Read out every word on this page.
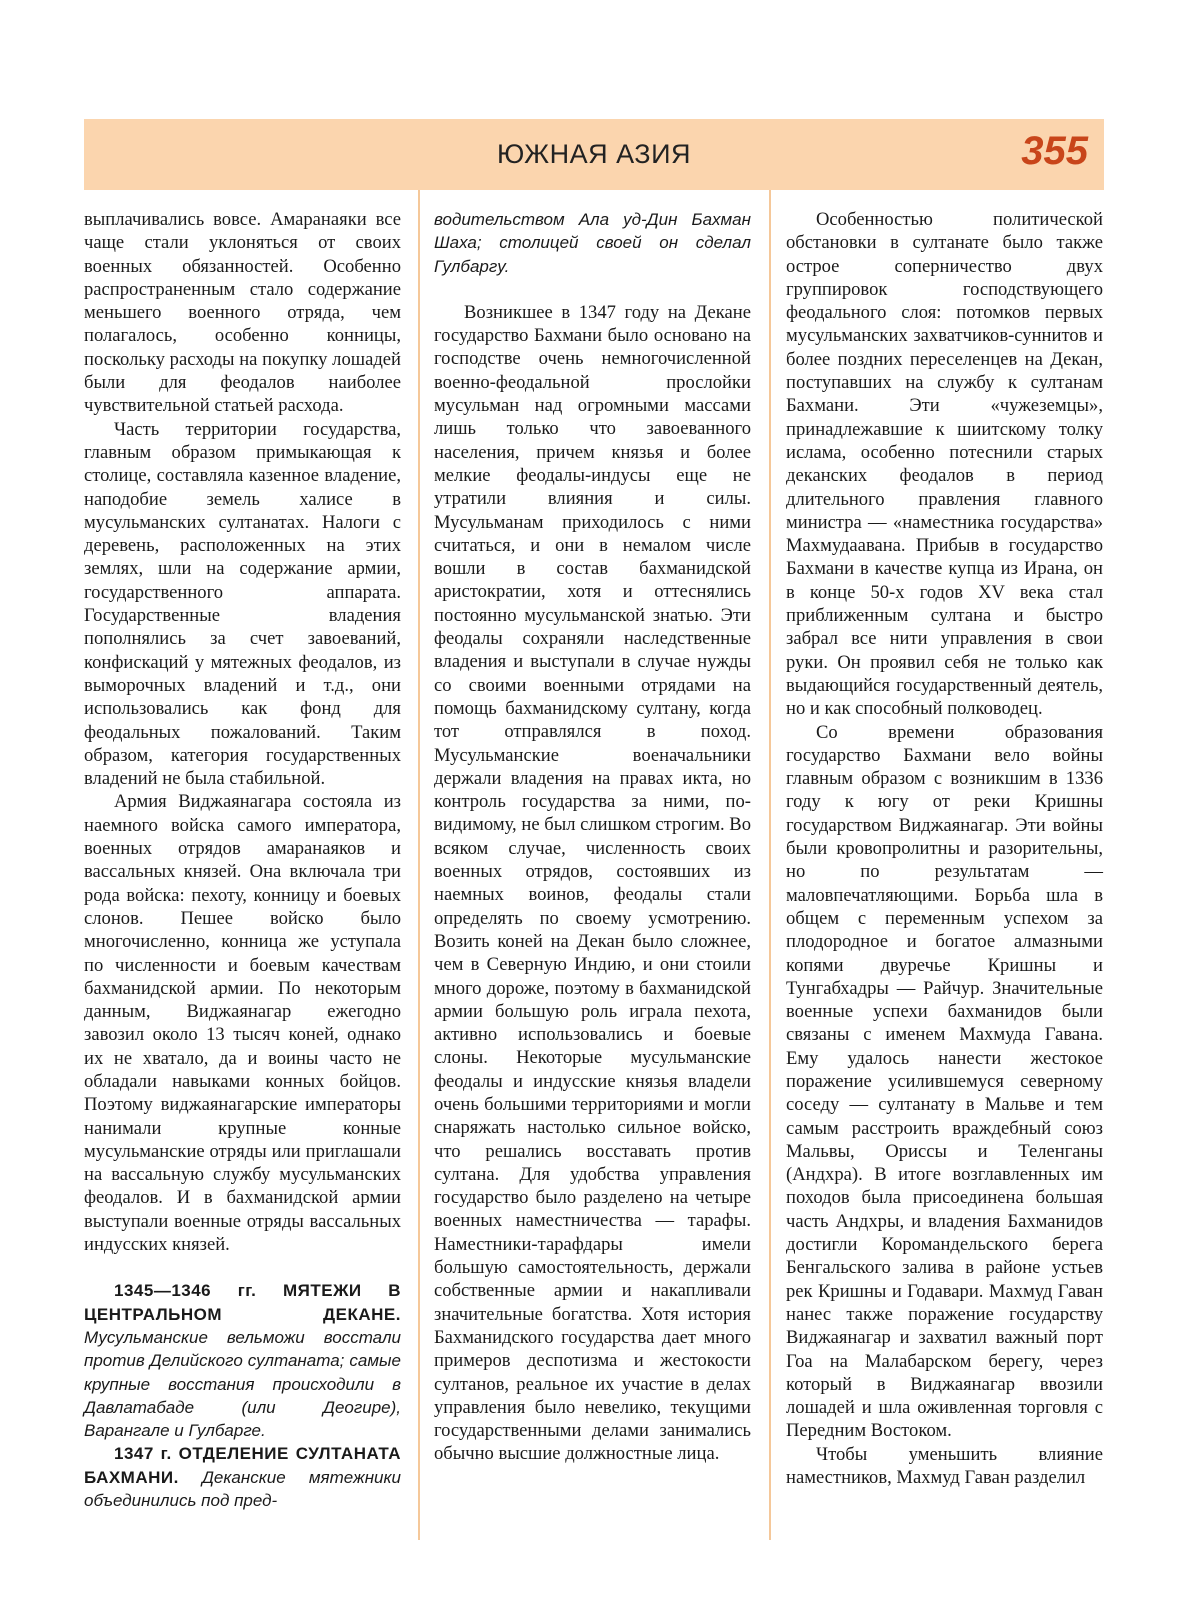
ЮЖНАЯ АЗИЯ	355

выплачивались вовсе. Амаранаяки все чаще стали уклоняться от своих военных обязанностей. Особенно распространенным стало содержание меньшего военного отряда, чем полагалось, особенно конницы, поскольку расходы на покупку лошадей были для феодалов наиболее чувствительной статьей расхода.

Часть территории государства, главным образом примыкающая к столице, составляла казенное владение, наподобие земель халисе в мусульманских султанатах. Налоги с деревень, расположенных на этих землях, шли на содержание армии, государственного аппарата. Государственные владения пополнялись за счет завоеваний, конфискаций у мятежных феодалов, из выморочных владений и т.д., они использовались как фонд для феодальных пожалований. Таким образом, категория государственных владений не была стабильной.

Армия Виджаянагара состояла из наемного войска самого императора, военных отрядов амаранаяков и вассальных князей. Она включала три рода войска: пехоту, конницу и боевых слонов. Пешее войско было многочисленно, конница же уступала по численности и боевым качествам бахманидской армии. По некоторым данным, Виджаянагар ежегодно завозил около 13 тысяч коней, однако их не хватало, да и воины часто не обладали навыками конных бойцов. Поэтому виджаянагарские императоры нанимали крупные конные мусульманские отряды или приглашали на вассальную службу мусульманских феодалов. И в бахманидской армии выступали военные отряды вассальных индусских князей.

1345—1346 гг. МЯТЕЖИ В ЦЕНТРАЛЬНОМ ДЕКАНЕ. Мусульманские вельможи восстали против Делийского султаната; самые крупные восстания происходили в Давлатабаде (или Деогире), Варангале и Гулбарге.

1347 г. ОТДЕЛЕНИЕ СУЛТАНАТА БАХМАНИ. Деканские мятежники объединились под пред-

водительством Ала уд-Дин Бахман Шаха; столицей своей он сделал Гулбаргу.

Возникшее в 1347 году на Декане государство Бахмани было основано на господстве очень немногочисленной военно-феодальной прослойки мусульман над огромными массами лишь только что завоеванного населения, причем князья и более мелкие феодалы-индусы еще не утратили влияния и силы. Мусульманам приходилось с ними считаться, и они в немалом числе вошли в состав бахманидской аристократии, хотя и оттеснялись постоянно мусульманской знатью. Эти феодалы сохраняли наследственные владения и выступали в случае нужды со своими военными отрядами на помощь бахманидскому султану, когда тот отправлялся в поход. Мусульманские военачальники держали владения на правах икта, но контроль государства за ними, по-видимому, не был слишком строгим. Во всяком случае, численность своих военных отрядов, состоявших из наемных воинов, феодалы стали определять по своему усмотрению. Возить коней на Декан было сложнее, чем в Северную Индию, и они стоили много дороже, поэтому в бахманидской армии большую роль играла пехота, активно использовались и боевые слоны. Некоторые мусульманские феодалы и индусские князья владели очень большими территориями и могли снаряжать настолько сильное войско, что решались восставать против султана. Для удобства управления государство было разделено на четыре военных наместничества — тарафы. Наместники-тарафдары имели большую самостоятельность, держали собственные армии и накапливали значительные богатства. Хотя история Бахманидского государства дает много примеров деспотизма и жестокости султанов, реальное их участие в делах управления было невелико, текущими государственными делами занимались обычно высшие должностные лица.

Особенностью политической обстановки в султанате было также острое соперничество двух группировок господствующего феодального слоя: потомков первых мусульманских захватчиков-суннитов и более поздних переселенцев на Декан, поступавших на службу к султанам Бахмани. Эти «чужеземцы», принадлежавшие к шиитскому толку ислама, особенно потеснили старых деканских феодалов в период длительного правления главного министра — «наместника государства» Махмудаавана. Прибыв в государство Бахмани в качестве купца из Ирана, он в конце 50-х годов XV века стал приближенным султана и быстро забрал все нити управления в свои руки. Он проявил себя не только как выдающийся государственный деятель, но и как способный полководец.

Со времени образования государство Бахмани вело войны главным образом с возникшим в 1336 году к югу от реки Кришны государством Виджаянагар. Эти войны были кровопролитны и разорительны, но по результатам — маловпечатляющими. Борьба шла в общем с переменным успехом за плодородное и богатое алмазными копями двуречье Кришны и Тунгабхадры — Райчур. Значительные военные успехи бахманидов были связаны с именем Махмуда Гавана. Ему удалось нанести жестокое поражение усилившемуся северному соседу — султанату в Мальве и тем самым расстроить враждебный союз Мальвы, Ориссы и Теленганы (Андхра). В итоге возглавленных им походов была присоединена большая часть Андхры, и владения Бахманидов достигли Коромандельского берега Бенгальского залива в районе устьев рек Кришны и Годавари. Махмуд Гаван нанес также поражение государству Виджаянагар и захватил важный порт Гоа на Малабарском берегу, через который в Виджаянагар ввозили лошадей и шла оживленная торговля с Передним Востоком.

Чтобы уменьшить влияние наместников, Махмуд Гаван разделил
